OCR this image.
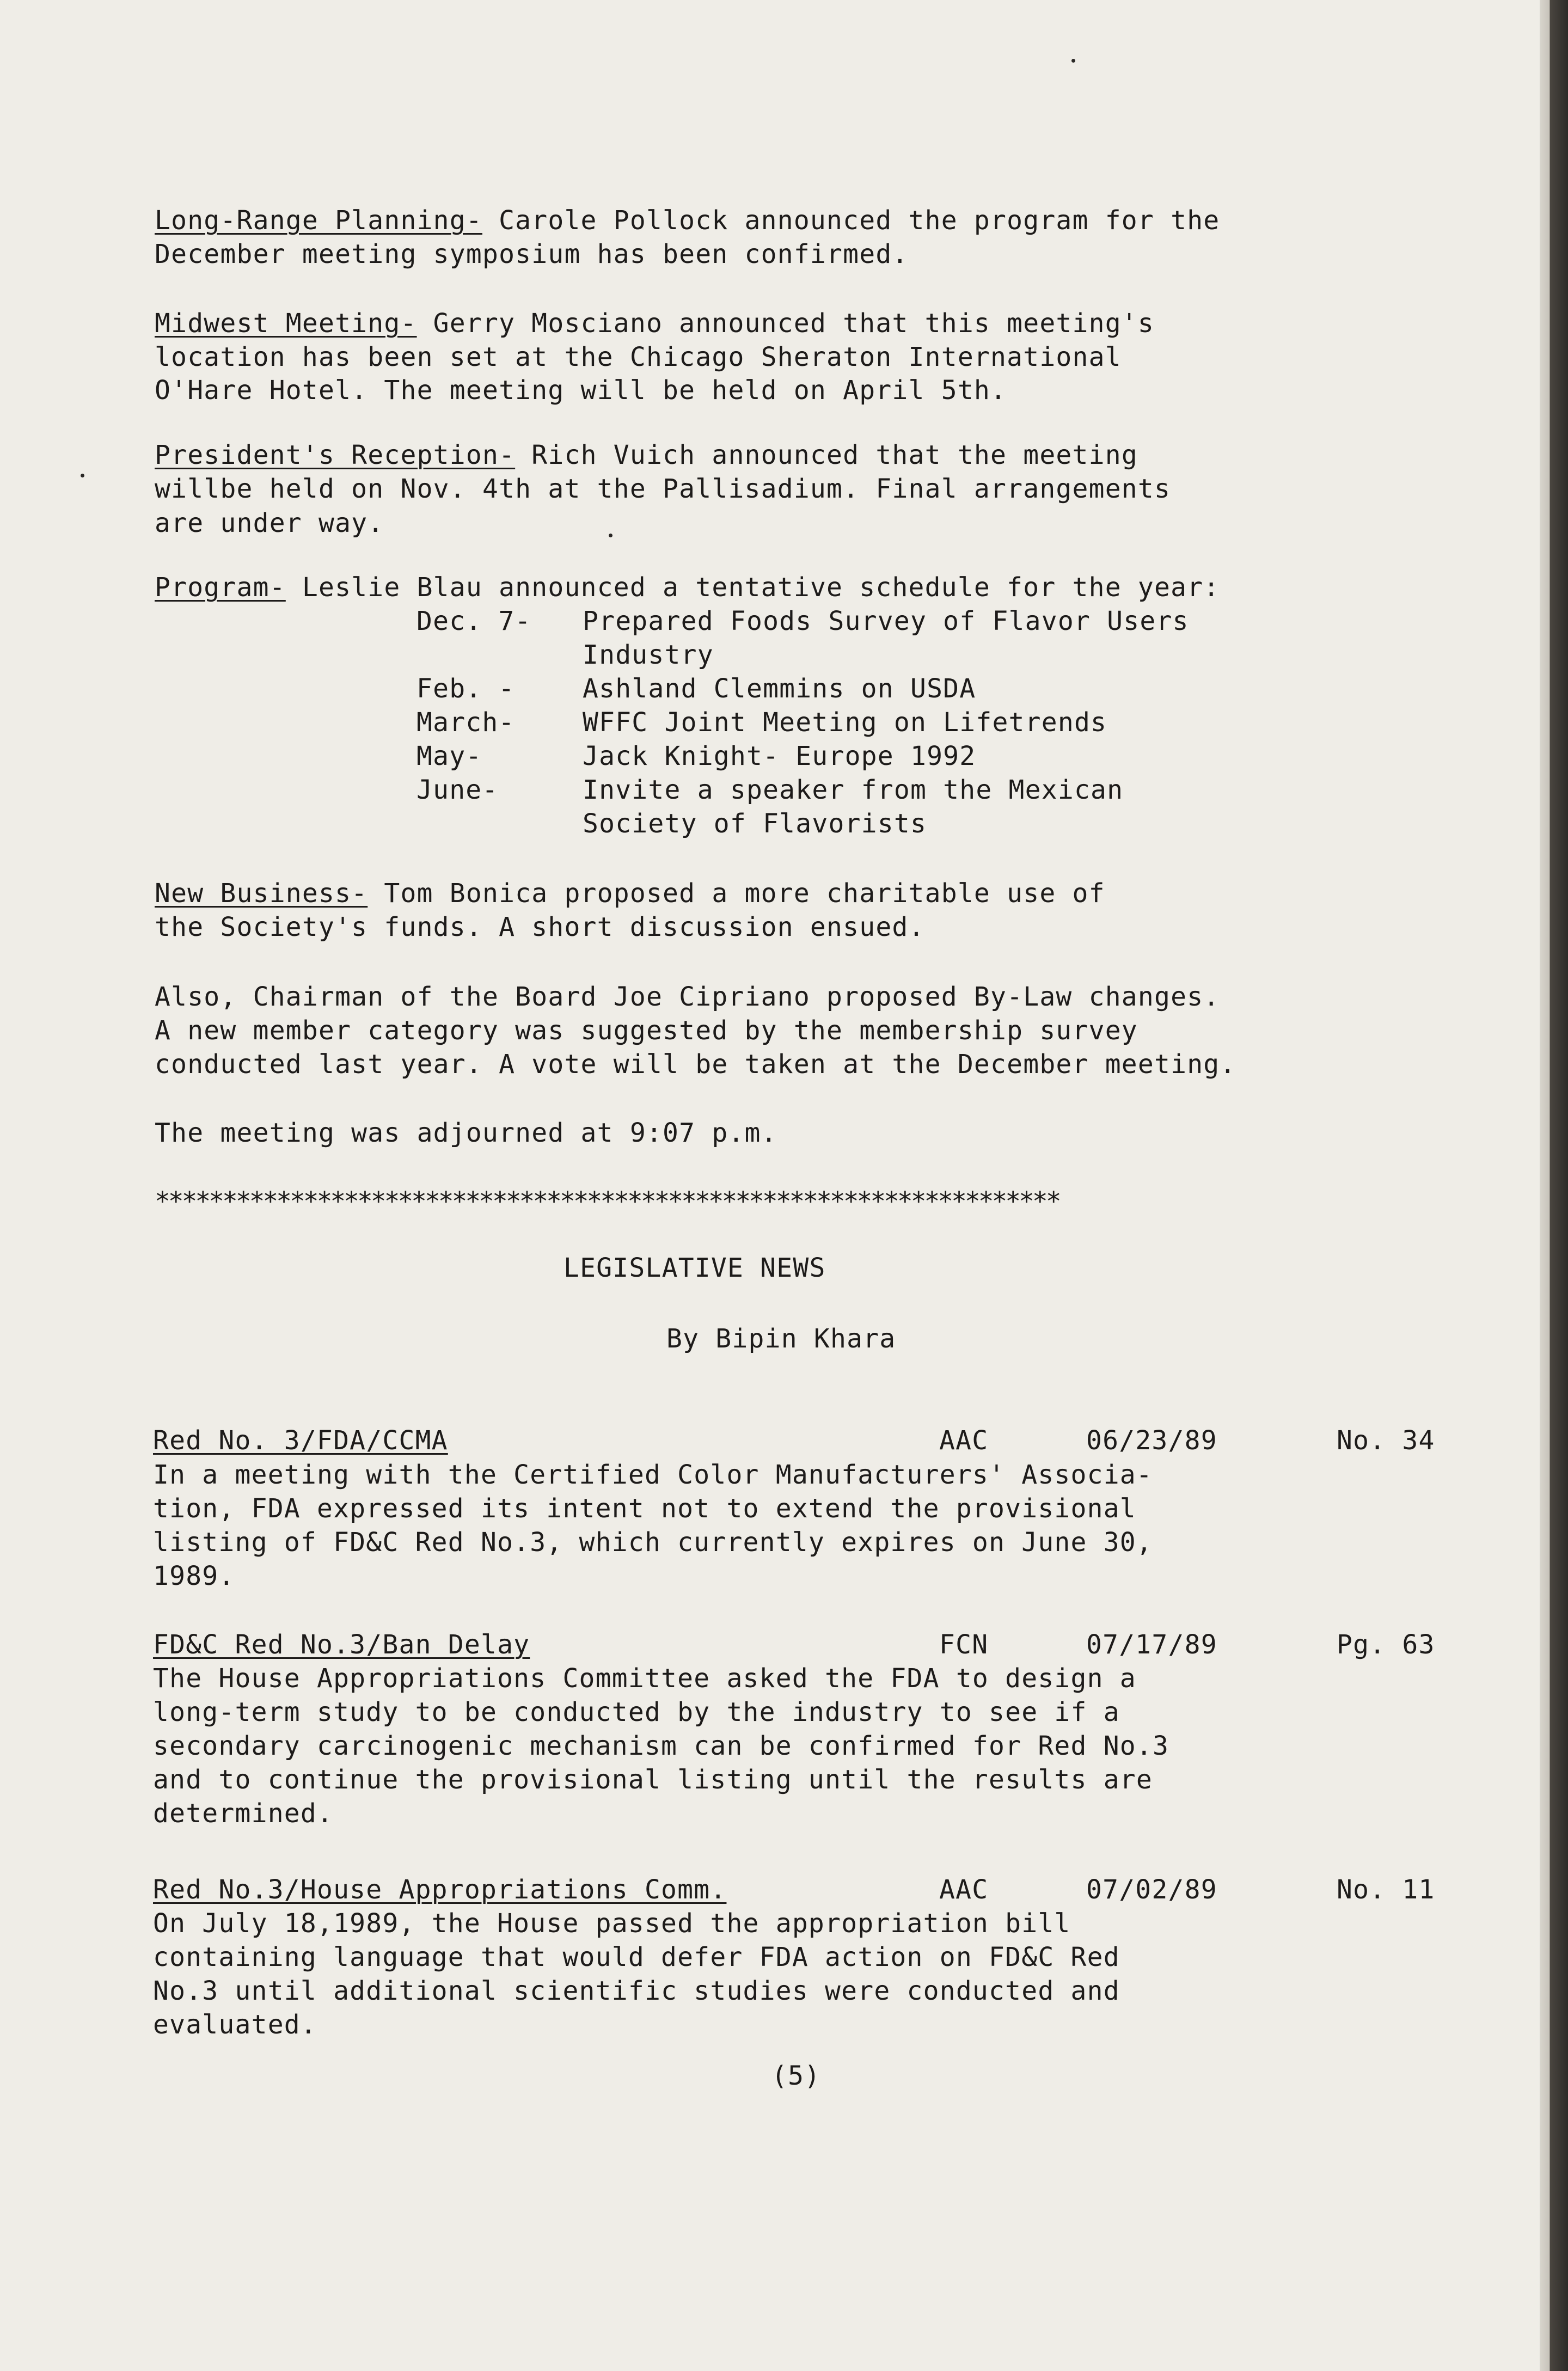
Long-Range Planning- Carole Pollock announced the program for the
December meeting symposium has been confirmed.
Midwest Meeting- Gerry Mosciano announced that this meeting's
location has been set at the Chicago Sheraton International
O'Hare Hotel. The meeting will be held on April 5th.
President's Reception- Rich Vuich announced that the meeting
willbe held on Nov. 4th at the Pallisadium. Final arrangements
are under way.
Program- Leslie Blau announced a tentative schedule for the year:
Dec. 7- Prepared Foods Survey of Flavor Users
Industry
Feb. -	Ashland Clemmins on USDA
March-	WFFC Joint Meeting on Lifetrends
May-	Jack Knight- Europe 1992
June-	Invite a speaker from the Mexican
Society of Flavorists
New Business- Tom Bonica proposed a more charitable use of
the Society's funds. A short discussion ensued.
Also, Chairman of the Board Joe Cipriano proposed By-Law changes.
A new member category was suggested by the membership survey
conducted last year. A vote will be taken at the December meeting.
The meeting was adjourned at 9:07 p.m.
*******************************************************************
LEGISLATIVE NEWS
By Bipin Khara
Red No. 3/FDA/CCMA	AAC	06/23/89	No. 34
In a meeting with the Certified Color Manufacturers' Associa-
tion, FDA expressed its intent not to extend the provisional
listing of FD&C Red No.3, which currently expires on June 30,
1989.
FD&C Red No.3/Ban Delay	FCN	07/17/89	Pg. 63
The House Appropriations Committee asked the FDA to design a
long-term study to be conducted by the industry to see if a
secondary carcinogenic mechanism can be confirmed for Red No.3
and to continue the provisional listing until the results are
determined.
Red No.3/House Appropriations Comm.	AAC	07/02/89	No. 11
On July 18,1989, the House passed the appropriation bill
containing language that would defer FDA action on FD&C Red
No.3 until additional scientific studies were conducted and
evaluated.
(5)
